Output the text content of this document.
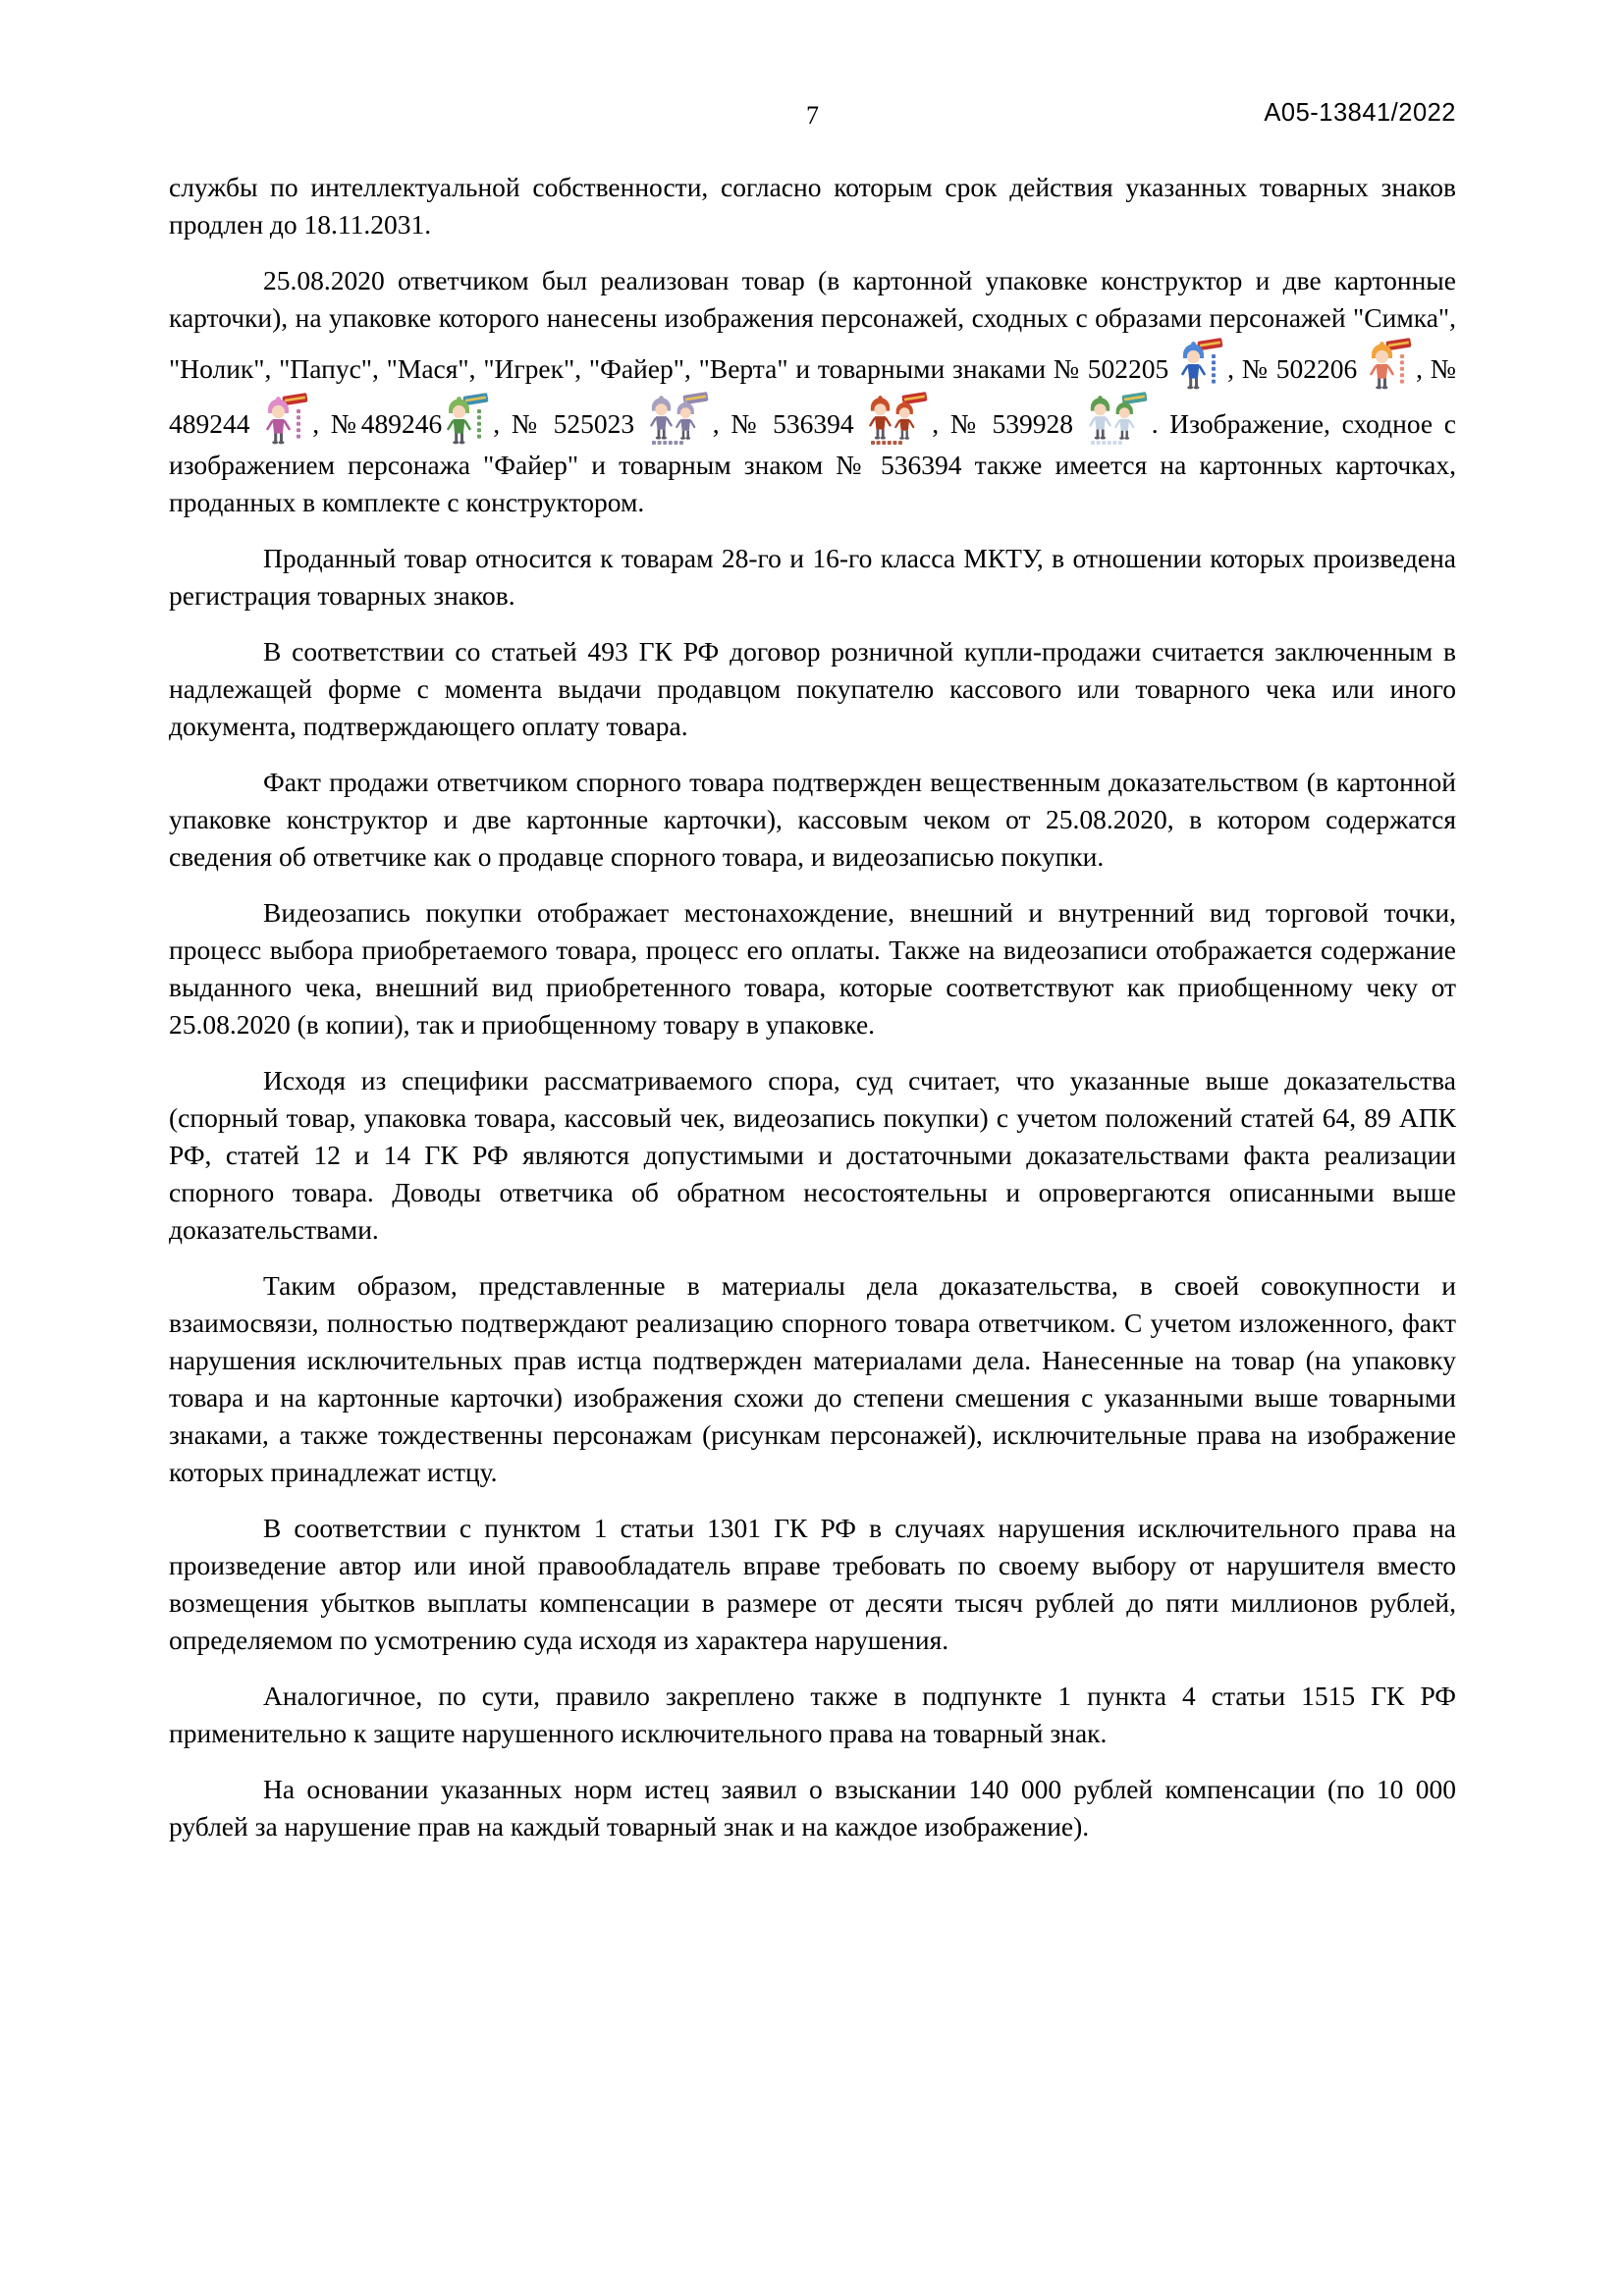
7	А05-13841/2022

службы по интеллектуальной собственности, согласно которым срок действия указанных товарных знаков продлен до 18.11.2031.

25.08.2020 ответчиком был реализован товар (в картонной упаковке конструктор и две картонные карточки), на упаковке которого нанесены изображения персонажей, сходных с образами персонажей "Симка", "Нолик", "Папус", "Мася", "Игрек", "Файер", "Верта" и товарными знаками № 502205
, № 502206
, № 489244
, №489246 , № 525023
, № 536394
, № 539928
. Изображение, сходное с изображением персонажа "Файер" и товарным знаком № 536394 также имеется на картонных карточках, проданных в комплекте с конструктором.

Проданный товар относится к товарам 28-го и 16-го класса МКТУ, в отношении которых произведена регистрация товарных знаков.

В соответствии со статьей 493 ГК РФ договор розничной купли-продажи считается заключенным в надлежащей форме с момента выдачи продавцом покупателю кассового или товарного чека или иного документа, подтверждающего оплату товара.

Факт продажи ответчиком спорного товара подтвержден вещественным доказательством (в картонной упаковке конструктор и две картонные карточки), кассовым чеком от 25.08.2020, в котором содержатся сведения об ответчике как о продавце спорного товара, и видеозаписью покупки.

Видеозапись покупки отображает местонахождение, внешний и внутренний вид торговой точки, процесс выбора приобретаемого товара, процесс его оплаты. Также на видеозаписи отображается содержание выданного чека, внешний вид приобретенного товара, которые соответствуют как приобщенному чеку от 25.08.2020 (в копии), так и приобщенному товару в упаковке.

Исходя из специфики рассматриваемого спора, суд считает, что указанные выше доказательства (спорный товар, упаковка товара, кассовый чек, видеозапись покупки) с учетом положений статей 64, 89 АПК РФ, статей 12 и 14 ГК РФ являются допустимыми и достаточными доказательствами факта реализации спорного товара. Доводы ответчика об обратном несостоятельны и опровергаются описанными выше доказательствами.

Таким образом, представленные в материалы дела доказательства, в своей совокупности и взаимосвязи, полностью подтверждают реализацию спорного товара ответчиком. С учетом изложенного, факт нарушения исключительных прав истца подтвержден материалами дела. Нанесенные на товар (на упаковку товара и на картонные карточки) изображения схожи до степени смешения с указанными выше товарными знаками, а также тождественны персонажам (рисункам персонажей), исключительные права на изображение которых принадлежат истцу.

В соответствии с пунктом 1 статьи 1301 ГК РФ в случаях нарушения исключительного права на произведение автор или иной правообладатель вправе требовать по своему выбору от нарушителя вместо возмещения убытков выплаты компенсации в размере от десяти тысяч рублей до пяти миллионов рублей, определяемом по усмотрению суда исходя из характера нарушения.

Аналогичное, по сути, правило закреплено также в подпункте 1 пункта 4 статьи 1515 ГК РФ применительно к защите нарушенного исключительного права на товарный знак.

На основании указанных норм истец заявил о взыскании 140 000 рублей компенсации (по 10 000 рублей за нарушение прав на каждый товарный знак и на каждое изображение).
